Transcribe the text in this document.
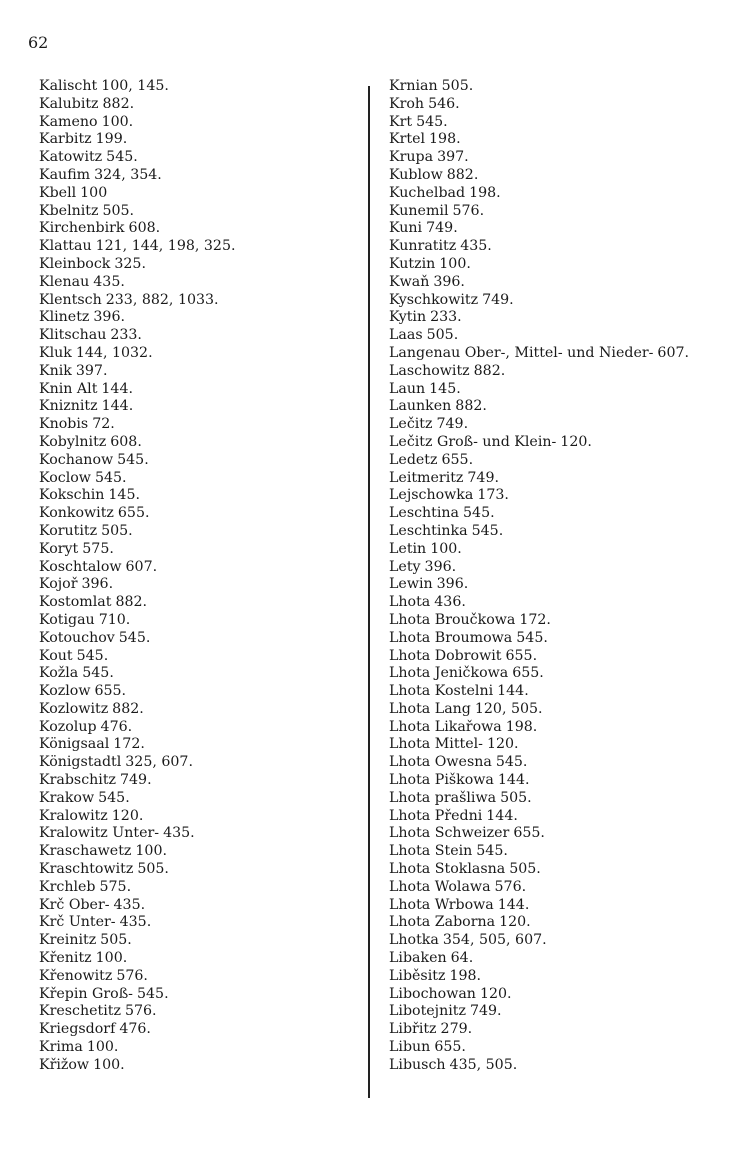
62
Kalischt 100, 145.
Kalubitz 882.
Kameno 100.
Karbitz 199.
Katowitz 545.
Kaufim 324, 354.
Kbell 100
Kbelnitz 505.
Kirchenbirk 608.
Klattau 121, 144, 198, 325.
Kleinbock 325.
Klenau 435.
Klentsch 233, 882, 1033.
Klinetz 396.
Klitschau 233.
Kluk 144, 1032.
Knik 397.
Knin Alt 144.
Kniznitz 144.
Knobis 72.
Kobylnitz 608.
Kochanow 545.
Koclow 545.
Kokschin 145.
Konkowitz 655.
Korutitz 505.
Koryt 575.
Koschtalow 607.
Kojoř 396.
Kostomlat 882.
Kotigau 710.
Kotouchov 545.
Kout 545.
Kožla 545.
Kozlow 655.
Kozlowitz 882.
Kozolup 476.
Königsaal 172.
Königstadtl 325, 607.
Krabschitz 749.
Krakow 545.
Kralowitz 120.
Kralowitz Unter- 435.
Kraschawetz 100.
Kraschtowitz 505.
Krchleb 575.
Krč Ober- 435.
Krč Unter- 435.
Kreinitz 505.
Křenitz 100.
Křenowitz 576.
Křepin Groß- 545.
Kreschetitz 576.
Kriegsdorf 476.
Krima 100.
Křižow 100.
Krnian 505.
Kroh 546.
Krt 545.
Krtel 198.
Krupa 397.
Kublow 882.
Kuchelbad 198.
Kunemil 576.
Kuni 749.
Kunratitz 435.
Kutzin 100.
Kwaň 396.
Kyschkowitz 749.
Kytin 233.
Laas 505.
Langenau Ober-, Mittel- und Nieder- 607.
Laschowitz 882.
Laun 145.
Launken 882.
Lečitz 749.
Lečitz Groß- und Klein- 120.
Ledetz 655.
Leitmeritz 749.
Lejschowka 173.
Leschtina 545.
Leschtinka 545.
Letin 100.
Lety 396.
Lewin 396.
Lhota 436.
Lhota Broučkowa 172.
Lhota Broumowa 545.
Lhota Dobrowit 655.
Lhota Jeničkowa 655.
Lhota Kostelni 144.
Lhota Lang 120, 505.
Lhota Likařowa 198.
Lhota Mittel- 120.
Lhota Owesna 545.
Lhota Piškowa 144.
Lhota prašliwa 505.
Lhota Předni 144.
Lhota Schweizer 655.
Lhota Stein 545.
Lhota Stoklasna 505.
Lhota Wolawa 576.
Lhota Wrbowa 144.
Lhota Zaborna 120.
Lhotka 354, 505, 607.
Libaken 64.
Liběsitz 198.
Libochowan 120.
Libotejnitz 749.
Libřitz 279.
Libun 655.
Libusch 435, 505.
